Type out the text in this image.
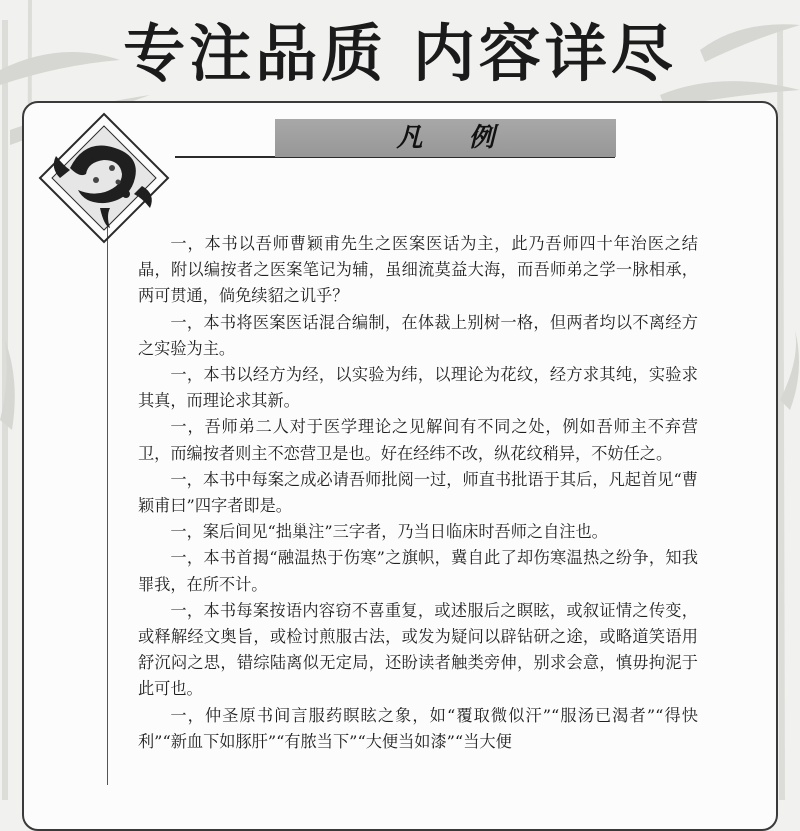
专注品质 内容详尽
凡例

一，本书以吾师曹颖甫先生之医案医话为主，此乃吾师四十年治医之结晶，附以编按者之医案笔记为辅，虽细流莫益大海，而吾师弟之学一脉相承，两可贯通，倘免续貂之讥乎？

一，本书将医案医话混合编制，在体裁上别树一格，但两者均以不离经方之实验为主。

一，本书以经方为经，以实验为纬，以理论为花纹，经方求其纯，实验求其真，而理论求其新。

一，吾师弟二人对于医学理论之见解间有不同之处，例如吾师主不弃营卫，而编按者则主不恋营卫是也。好在经纬不改，纵花纹稍异，不妨任之。

一，本书中每案之成必请吾师批阅一过，师直书批语于其后，凡起首见“曹颖甫曰”四字者即是。

一，案后间见“拙巢注”三字者，乃当日临床时吾师之自注也。

一，本书首揭“融温热于伤寒”之旗帜，冀自此了却伤寒温热之纷争，知我罪我，在所不计。

一，本书每案按语内容窃不喜重复，或述服后之瞑眩，或叙证情之传变，或释解经文奥旨，或检讨煎服古法，或发为疑问以辟钻研之途，或略道笑语用舒沉闷之思，错综陆离似无定局，还盼读者触类旁伸，别求会意，慎毋拘泥于此可也。

一，仲圣原书间言服药瞑眩之象，如“覆取微似汗”“服汤已渴者”“得快利”“新血下如豚肝”“有脓当下”“大便当如漆”“当大便
